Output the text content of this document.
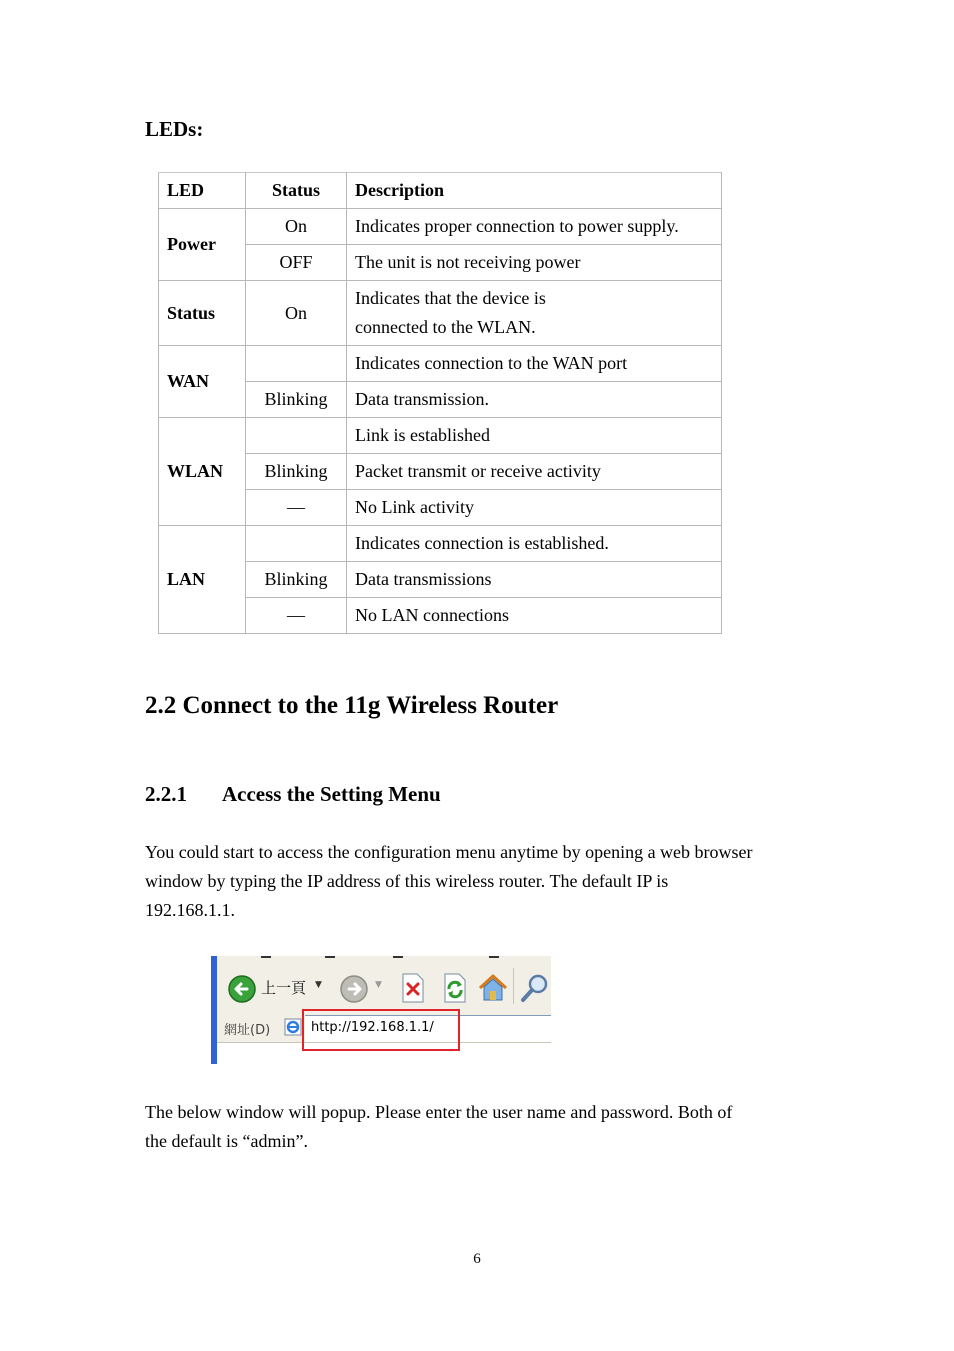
LEDs:
LED	Status	Description
Power	On	Indicates proper connection to power supply.
	OFF	The unit is not receiving power
Status	On	Indicates that the device is
connected to the WLAN.
WAN		Indicates connection to the WAN port
	Blinking	Data transmission.
WLAN		Link is established
	Blinking	Packet transmit or receive activity
	—	No Link activity
LAN		Indicates connection is established.
	Blinking	Data transmissions
	—	No LAN connections
2.2 Connect to the 11g Wireless Router
2.2.1 Access the Setting Menu
You could start to access the configuration menu anytime by opening a web browser
window by typing the IP address of this wireless router. The default IP is
192.168.1.1.
上一頁 ▼	▼
網址(D)	http://192.168.1.1/
The below window will popup. Please enter the user name and password. Both of
the default is “admin”.
6
